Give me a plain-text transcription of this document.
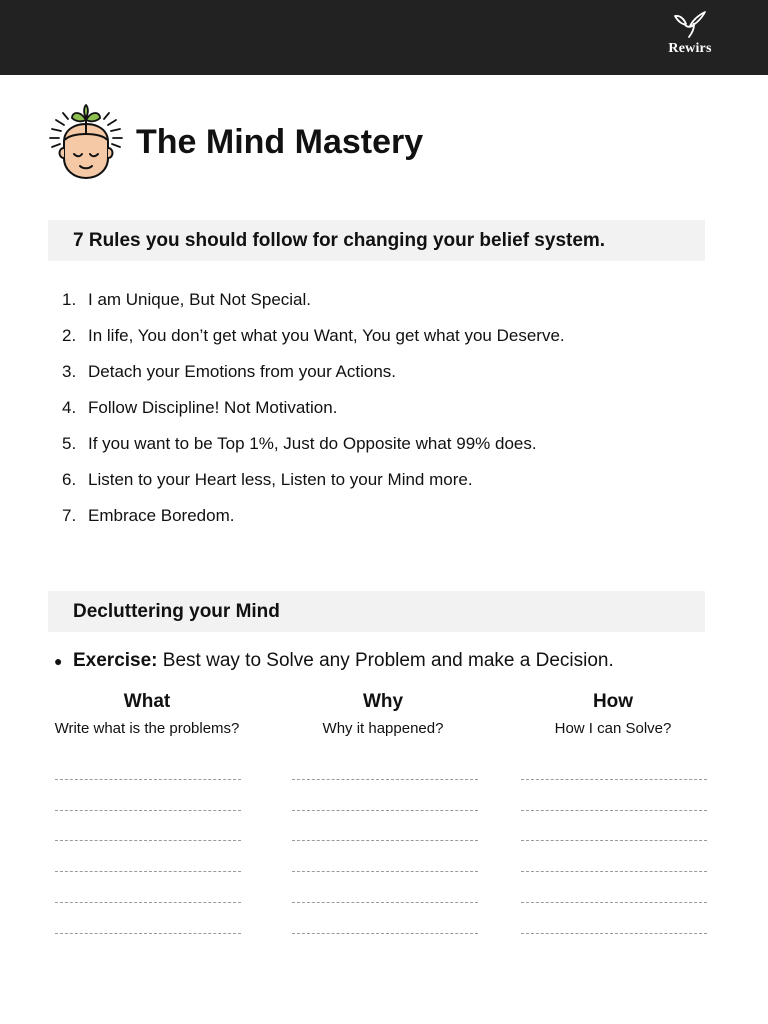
Rewirs
The Mind Mastery
7 Rules you should follow for changing your belief system.
1. I am Unique, But Not Special.
2. In life, You don’t get what you Want, You get what you Deserve.
3. Detach your Emotions from your Actions.
4. Follow Discipline! Not Motivation.
5. If you want to be Top 1%, Just do Opposite what 99% does.
6. Listen to your Heart less, Listen to your Mind more.
7. Embrace Boredom.
Decluttering your Mind
● Exercise: Best way to Solve any Problem and make a Decision.
What
Write what is the problems?
Why
Why it happened?
How
How I can Solve?
